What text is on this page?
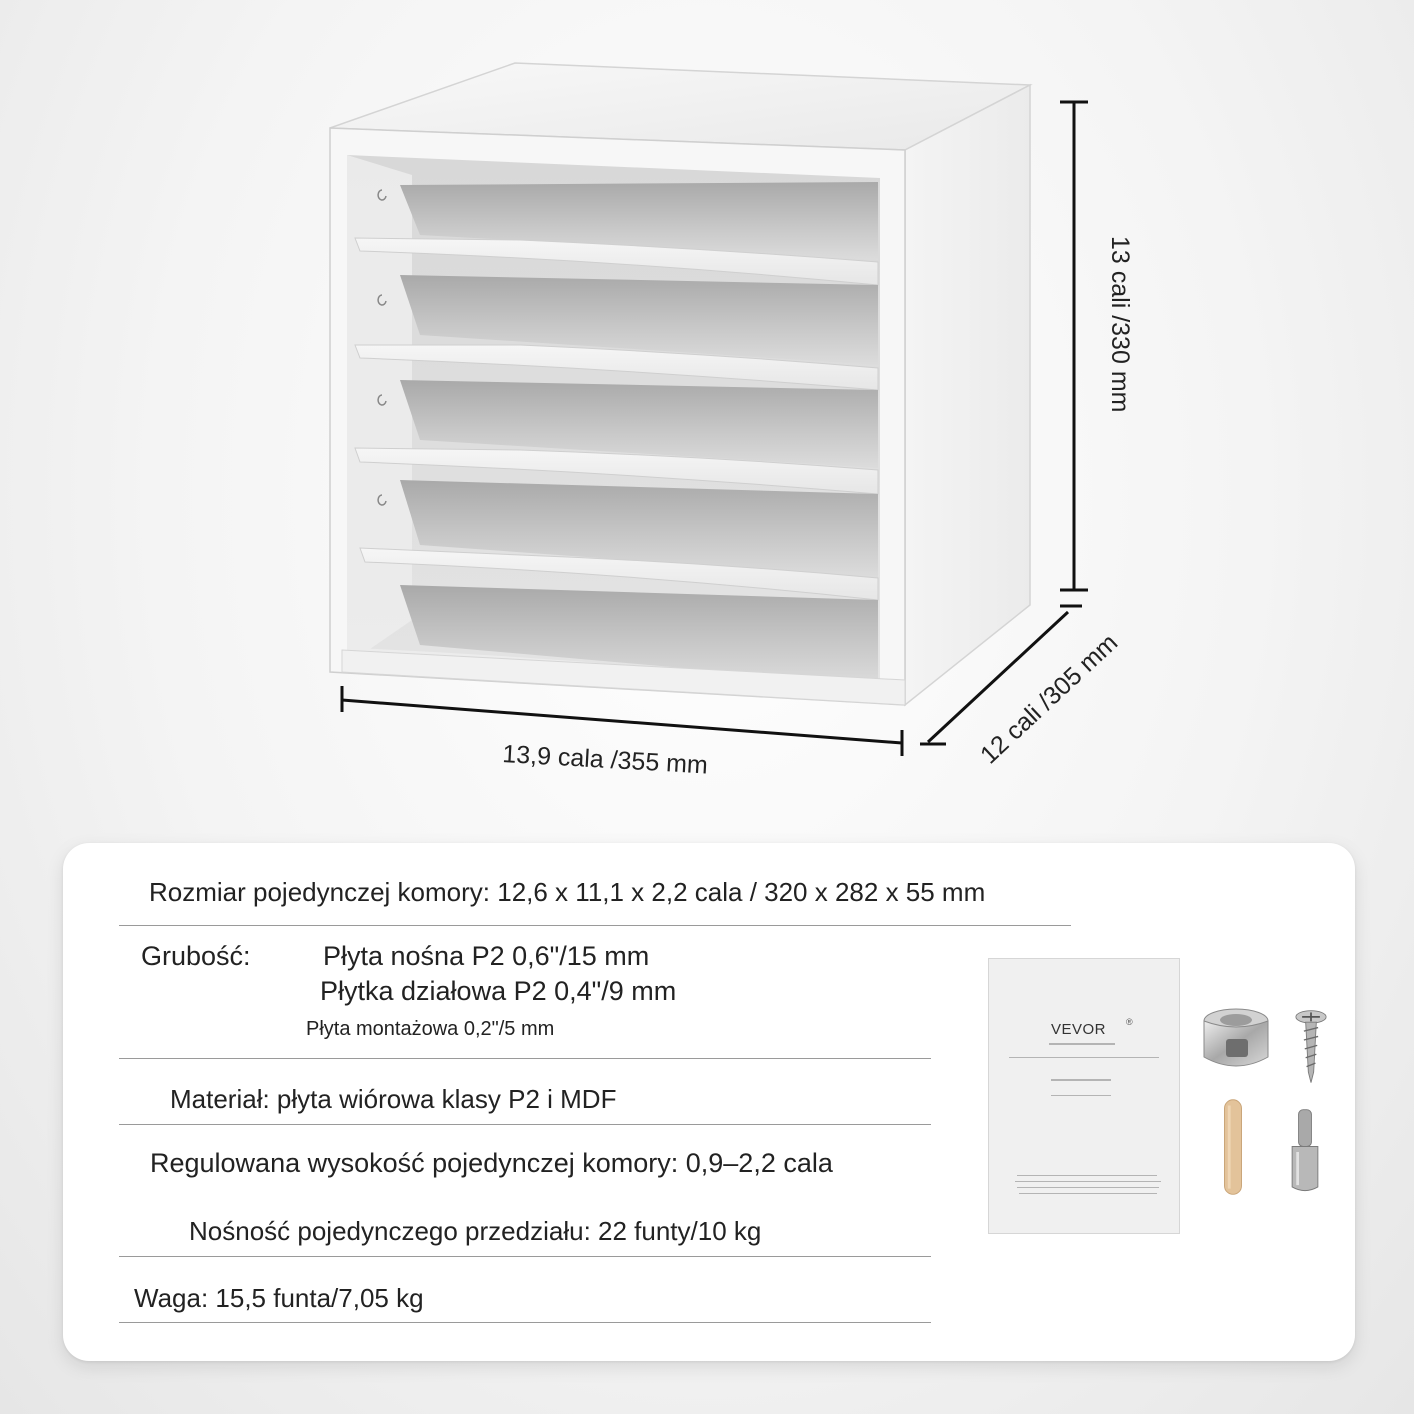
13 cali /330 mm
13,9 cala /355 mm	12 cali /305 mm
Rozmiar pojedynczej komory: 12,6 x 11,1 x 2,2 cala / 320 x 282 x 55 mm
Grubość:	Płyta nośna P2 0,6"/15 mm
Płytka działowa P2 0,4"/9 mm
Płyta montażowa 0,2"/5 mm
Materiał: płyta wiórowa klasy P2 i MDF
Regulowana wysokość pojedynczej komory: 0,9–2,2 cala
Nośność pojedynczego przedziału: 22 funty/10 kg
Waga: 15,5 funta/7,05 kg
VEVOR ®
